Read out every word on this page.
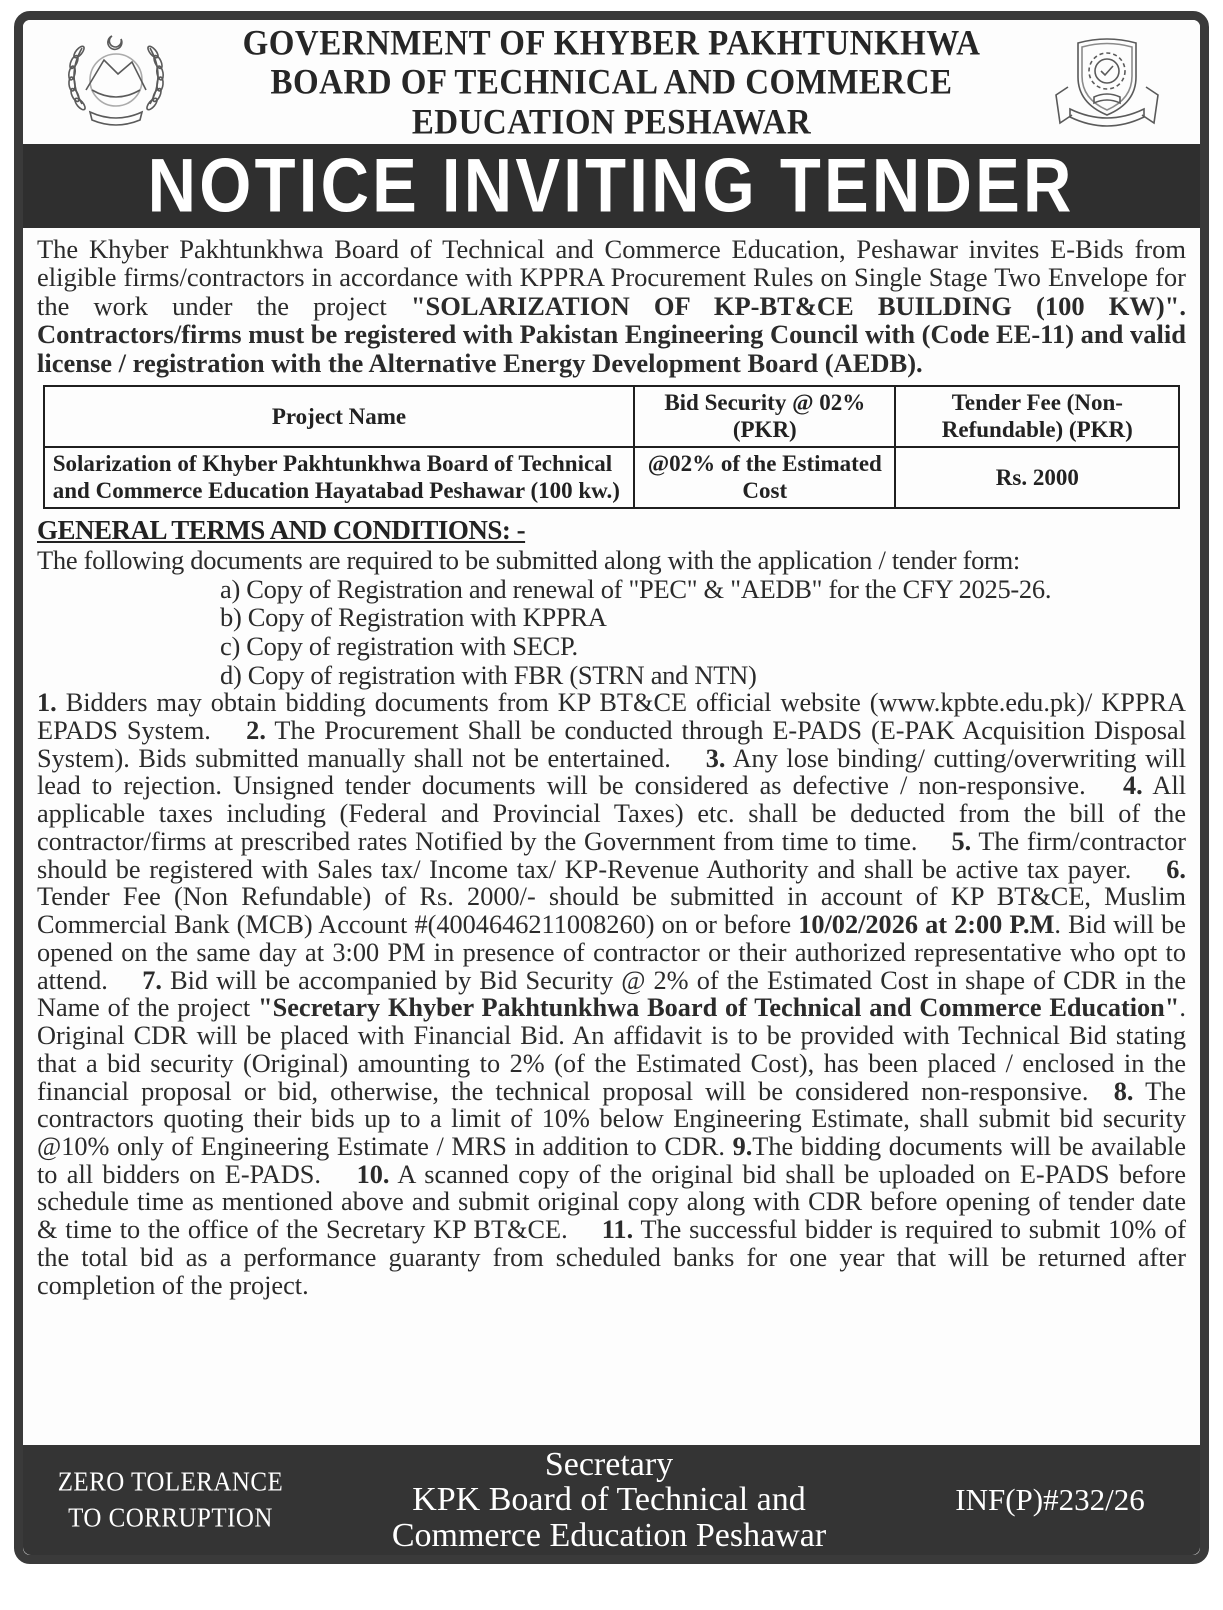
GOVERNMENT OF KHYBER PAKHTUNKHWA
BOARD OF TECHNICAL AND COMMERCE
EDUCATION PESHAWAR
NOTICE INVITING TENDER

The Khyber Pakhtunkhwa Board of Technical and Commerce Education, Peshawar invites E-Bids from eligible firms/contractors in accordance with KPPRA Procurement Rules on Single Stage Two Envelope for the work under the project "SOLARIZATION OF KP-BT&CE BUILDING (100 KW)". Contractors/firms must be registered with Pakistan Engineering Council with (Code EE-11) and valid license / registration with the Alternative Energy Development Board (AEDB).

Project Name	Bid Security @ 02% (PKR)	Tender Fee (Non-Refundable) (PKR)
Solarization of Khyber Pakhtunkhwa Board of Technical and Commerce Education Hayatabad Peshawar (100 kw.)	@02% of the Estimated Cost	Rs. 2000
GENERAL TERMS AND CONDITIONS: -
The following documents are required to be submitted along with the application / tender form:
a) Copy of Registration and renewal of "PEC" & "AEDB" for the CFY 2025-26.
b) Copy of Registration with KPPRA
c) Copy of registration with SECP.
d) Copy of registration with FBR (STRN and NTN)

1. Bidders may obtain bidding documents from KP BT&CE official website (www.kpbte.edu.pk)/ KPPRA EPADS System.   2. The Procurement Shall be conducted through E-PADS (E-PAK Acquisition Disposal System). Bids submitted manually shall not be entertained.   3. Any lose binding/ cutting/overwriting will lead to rejection. Unsigned tender documents will be considered as defective / non-responsive.   4. All applicable taxes including (Federal and Provincial Taxes) etc. shall be deducted from the bill of the contractor/firms at prescribed rates Notified by the Government from time to time.   5. The firm/contractor should be registered with Sales tax/ Income tax/ KP-Revenue Authority and shall be active tax payer.   6. Tender Fee (Non Refundable) of Rs. 2000/- should be submitted in account of KP BT&CE, Muslim Commercial Bank (MCB) Account #(4004646211008260) on or before 10/02/2026 at 2:00 P.M. Bid will be opened on the same day at 3:00 PM in presence of contractor or their authorized representative who opt to attend.   7. Bid will be accompanied by Bid Security @ 2% of the Estimated Cost in shape of CDR in the Name of the project "Secretary Khyber Pakhtunkhwa Board of Technical and Commerce Education". Original CDR will be placed with Financial Bid. An affidavit is to be provided with Technical Bid stating that a bid security (Original) amounting to 2% (of the Estimated Cost), has been placed / enclosed in the financial proposal or bid, otherwise, the technical proposal will be considered non-responsive.  8. The contractors quoting their bids up to a limit of 10% below Engineering Estimate, shall submit bid security @10% only of Engineering Estimate / MRS in addition to CDR. 9.The bidding documents will be available to all bidders on E-PADS.   10. A scanned copy of the original bid shall be uploaded on E-PADS before schedule time as mentioned above and submit original copy along with CDR before opening of tender date & time to the office of the Secretary KP BT&CE.   11. The successful bidder is required to submit 10% of the total bid as a performance guaranty from scheduled banks for one year that will be returned after completion of the project.

ZERO TOLERANCE
TO CORRUPTION
Secretary
KPK Board of Technical and
Commerce Education Peshawar
INF(P)#232/26
